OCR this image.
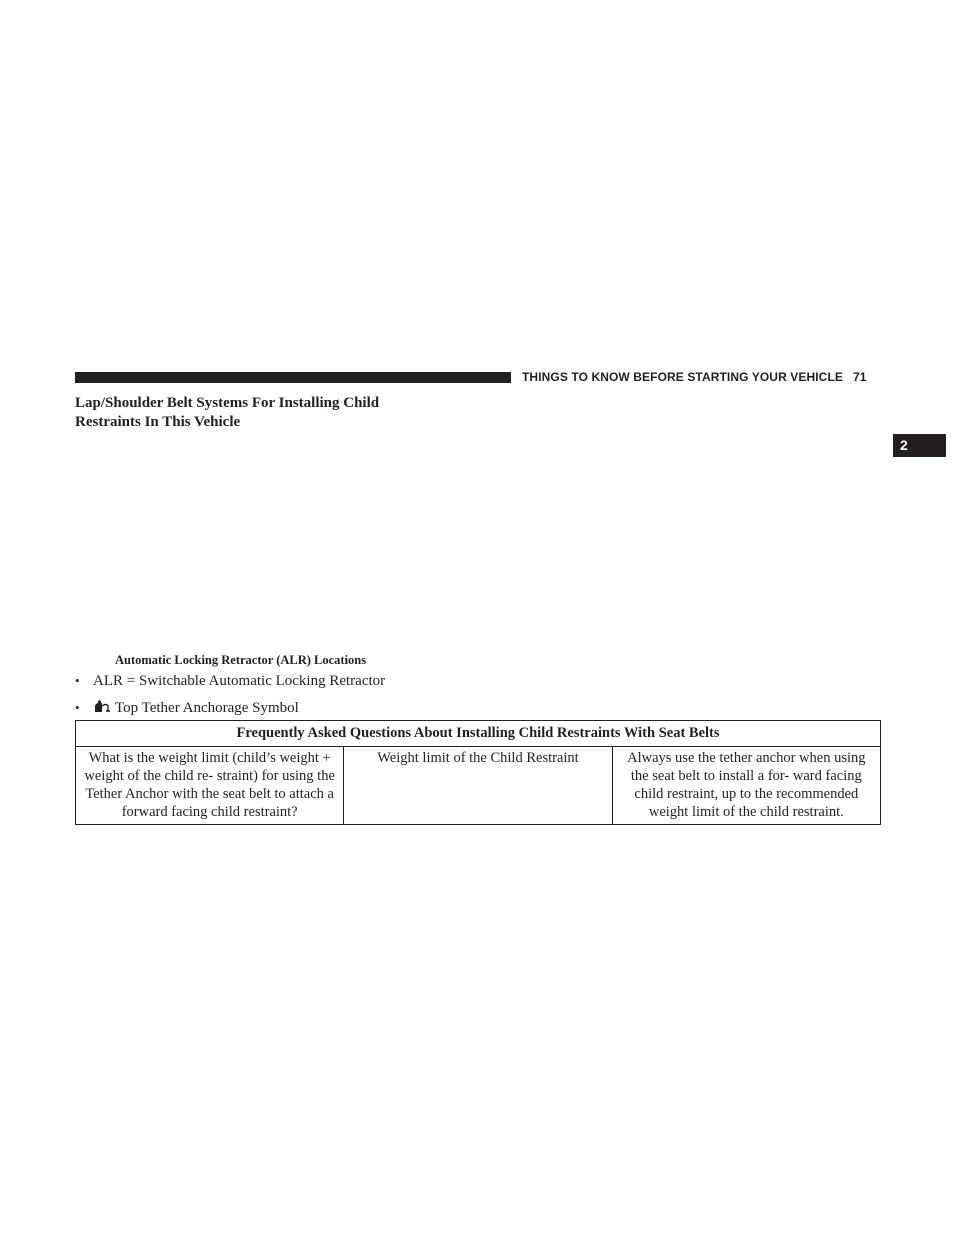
THINGS TO KNOW BEFORE STARTING YOUR VEHICLE 71
2
Lap/Shoulder Belt Systems For Installing Child
Restraints In This Vehicle
Automatic Locking Retractor (ALR) Locations
• ALR = Switchable Automatic Locking Retractor
• Top Tether Anchorage Symbol
Frequently Asked Questions About Installing Child Restraints With Seat Belts
What is the weight limit (child’s weight + weight of the child re- straint) for using the Tether Anchor with the seat belt to attach a forward facing child restraint?	Weight limit of the Child Restraint	Always use the tether anchor when using the seat belt to install a for- ward facing child restraint, up to the recommended weight limit of the child restraint.
